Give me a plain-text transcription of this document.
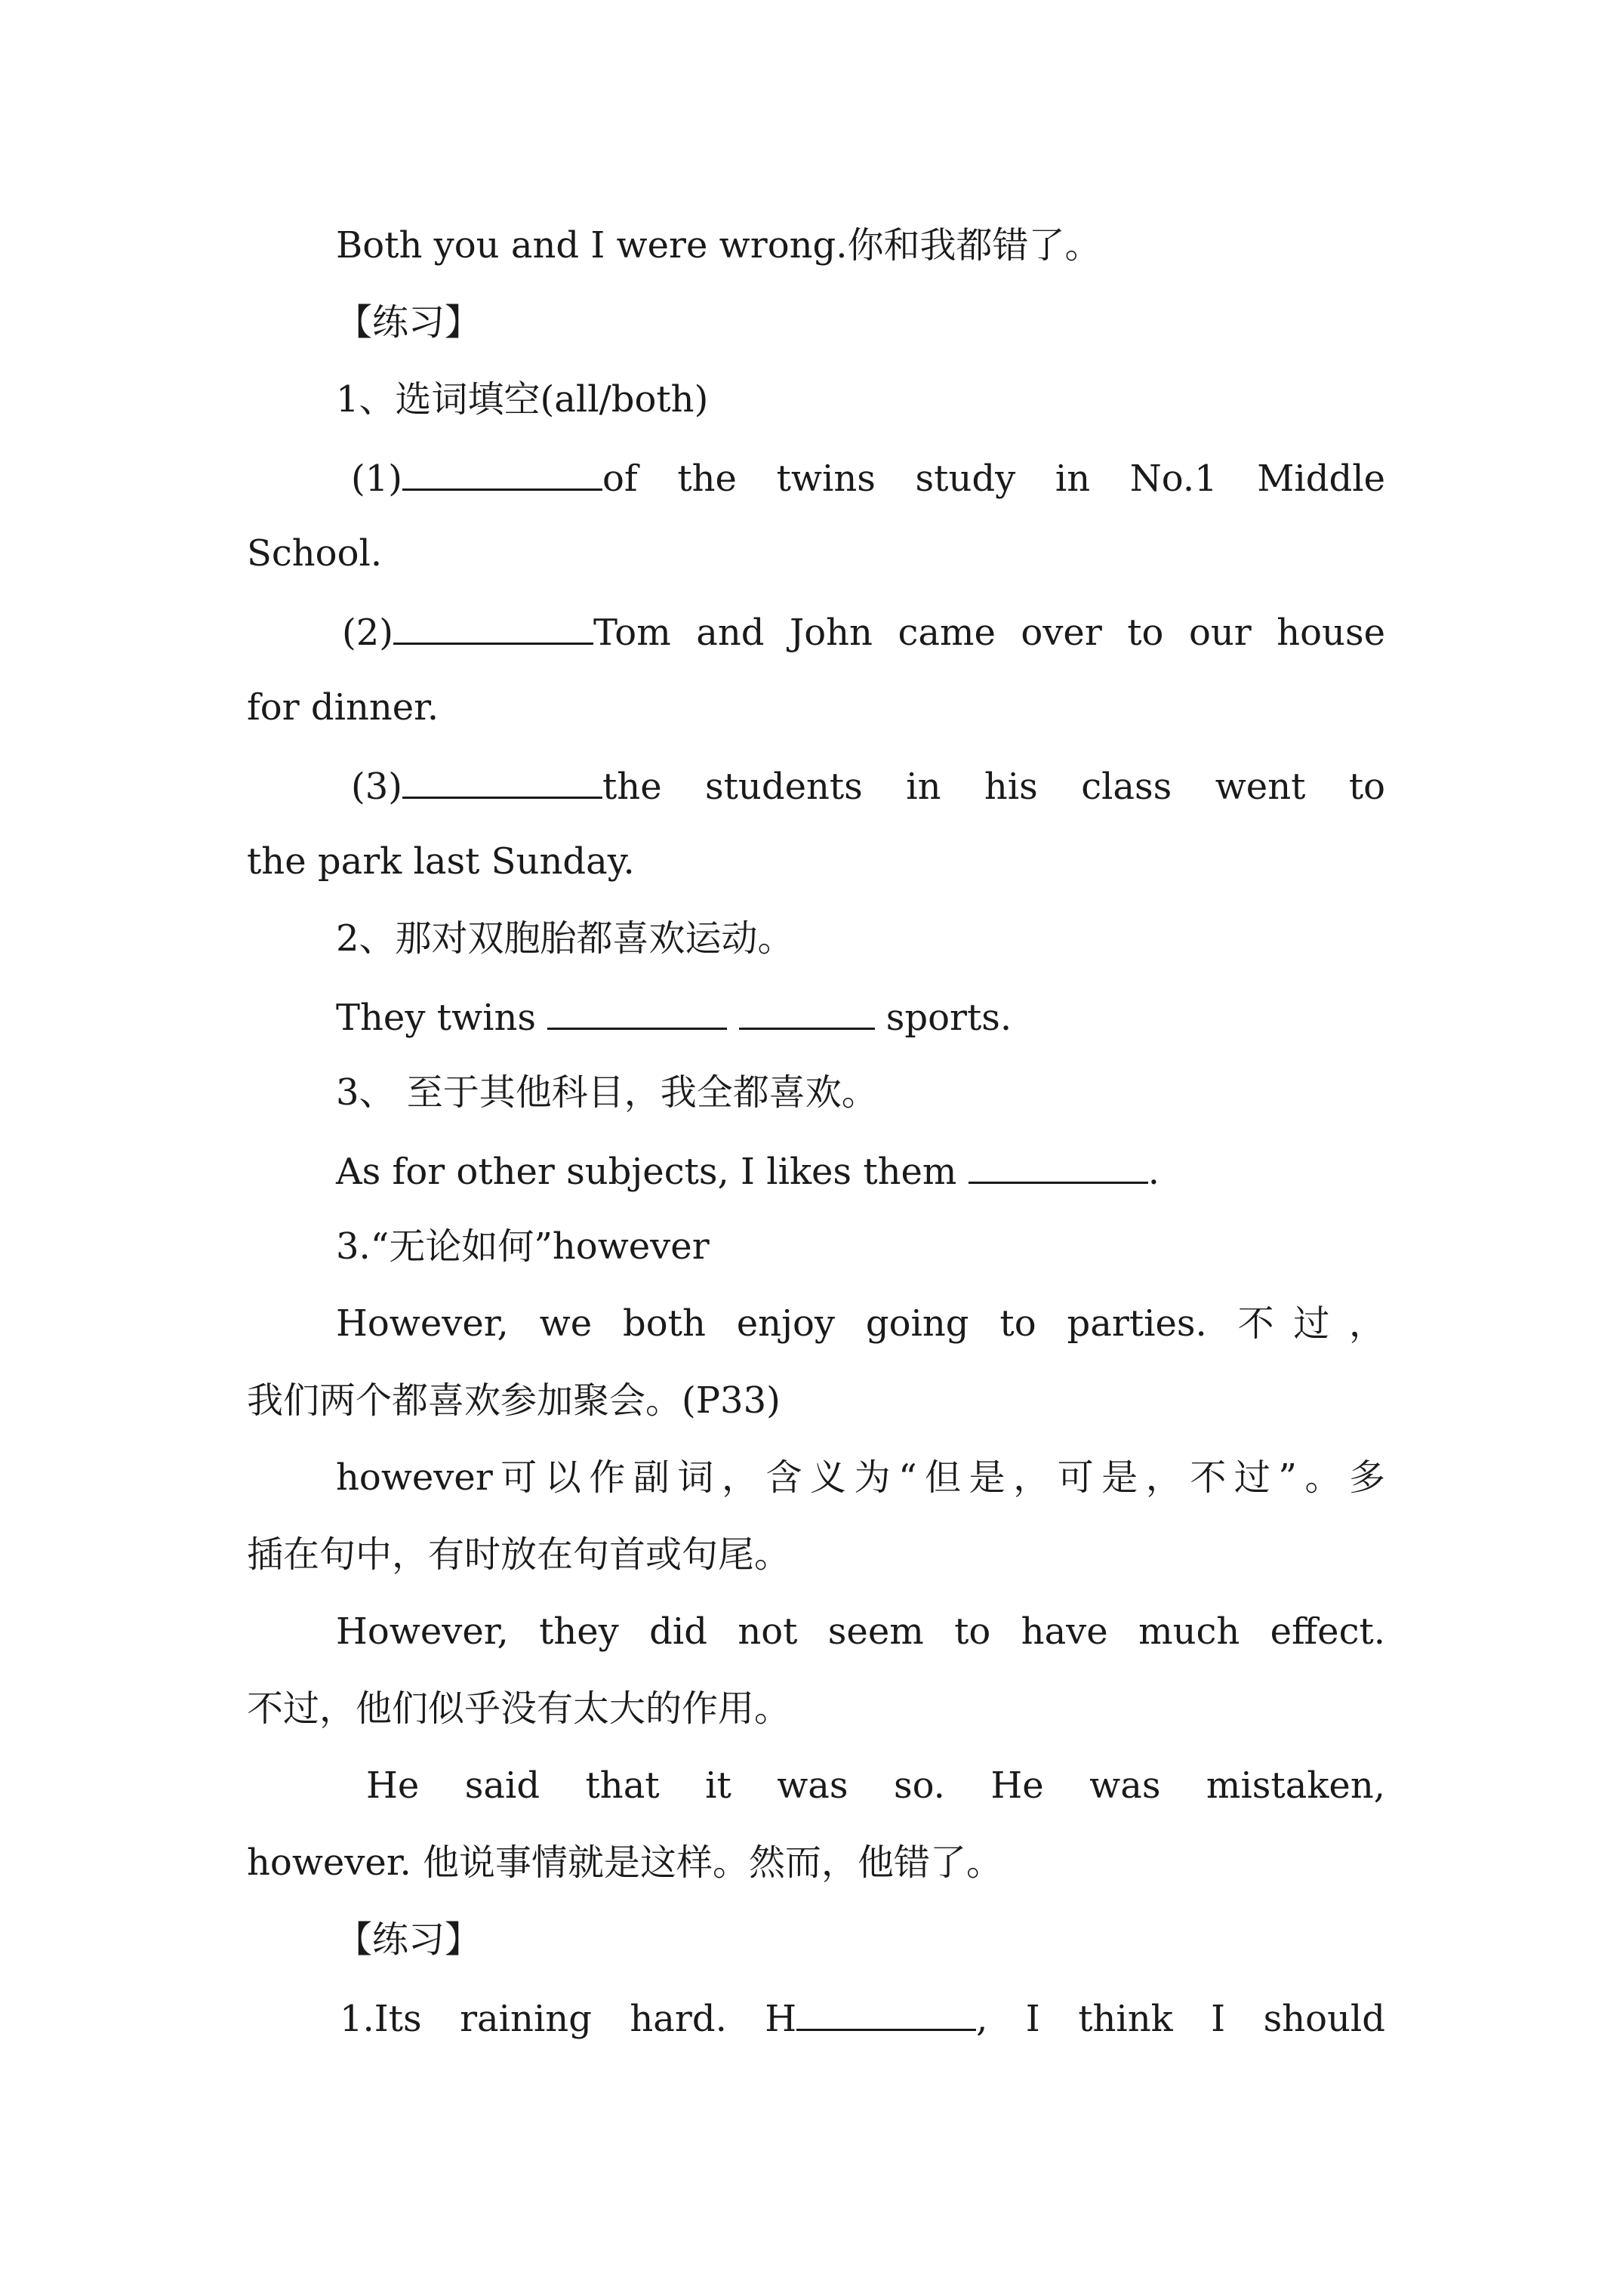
Both you and I were wrong.你和我都错了。
【练习】
1、选词填空(all/both)
(1)	of the twins study in No.1 Middle
School.
(2)	Tom and John came over to our house
for dinner.
(3)	the students in his class went to
the park last Sunday.
2、那对双胞胎都喜欢运动。
They twins	sports.
3、 至于其他科目，我全都喜欢。
As for other subjects, I likes them	.
3.“无论如何”however
However, we both enjoy going to parties. 不过，
我们两个都喜欢参加聚会。(P33)
however可以作副词，含义为“但是，可是，不过”。多
插在句中，有时放在句首或句尾。
However, they did not seem to have much effect.
不过，他们似乎没有太大的作用。
He said that it was so. He was mistaken,
however. 他说事情就是这样。然而，他错了。
【练习】
1.Its raining hard. H	, I think I should
